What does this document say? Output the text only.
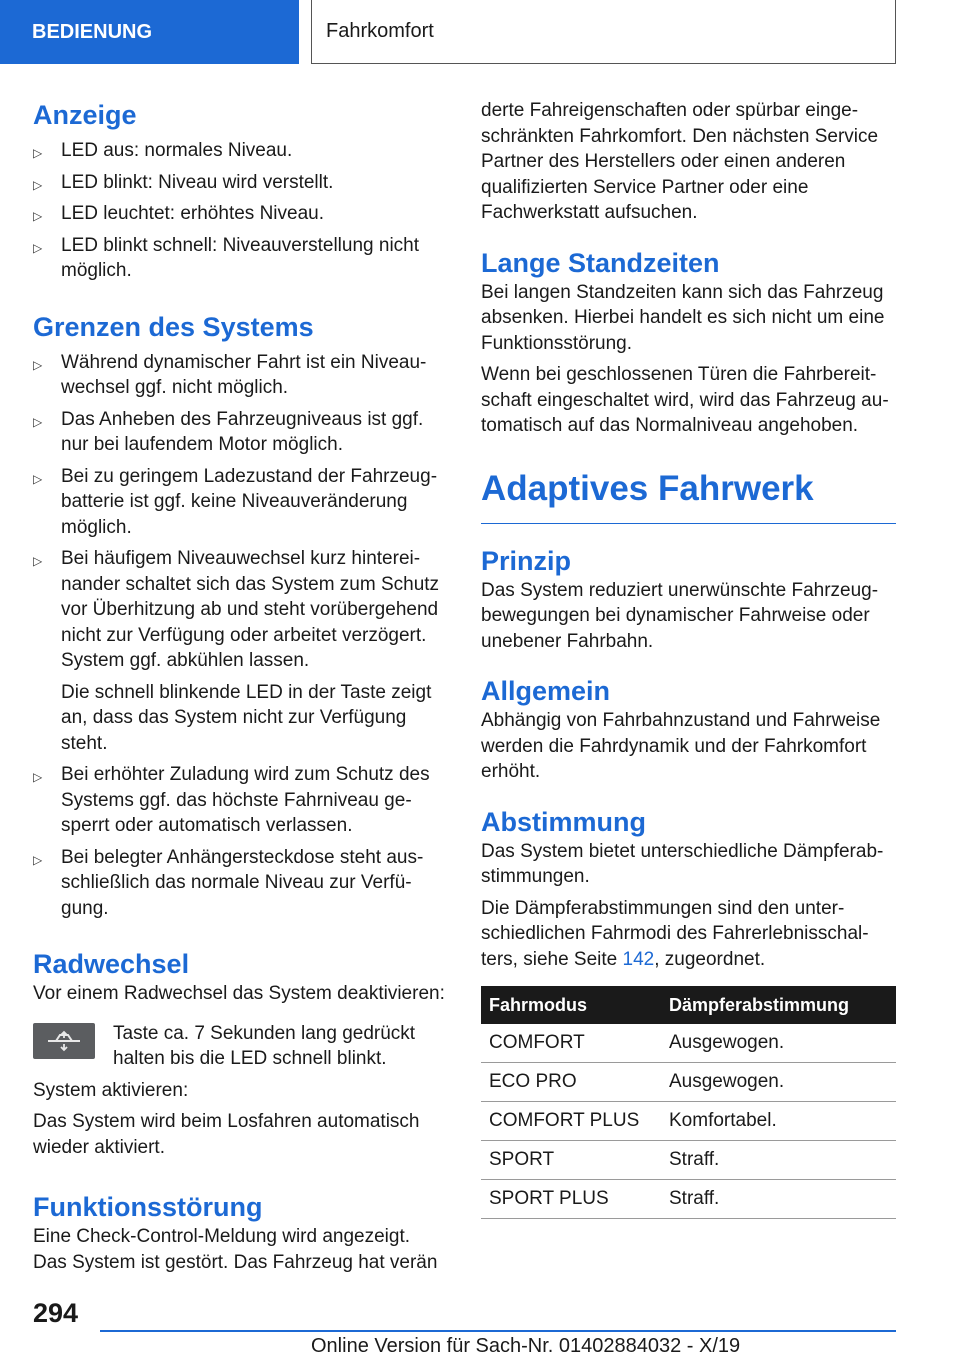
BEDIENUNG	Fahrkomfort
Anzeige
▷ LED aus: normales Niveau.
▷ LED blinkt: Niveau wird verstellt.
▷ LED leuchtet: erhöhtes Niveau.
▷ LED blinkt schnell: Niveauverstellung nicht möglich.
Grenzen des Systems
▷ Während dynamischer Fahrt ist ein Niveauwechsel ggf. nicht möglich.
▷ Das Anheben des Fahrzeugniveaus ist ggf. nur bei laufendem Motor möglich.
▷ Bei zu geringem Ladezustand der Fahrzeugbatterie ist ggf. keine Niveauveränderung möglich.
▷ Bei häufigem Niveauwechsel kurz hintereinander schaltet sich das System zum Schutz vor Überhitzung ab und steht vorübergehend nicht zur Verfügung oder arbeitet verzögert. System ggf. abkühlen lassen.

Die schnell blinkende LED in der Taste zeigt an, dass das System nicht zur Verfügung steht.

▷ Bei erhöhter Zuladung wird zum Schutz des Systems ggf. das höchste Fahrniveau gesperrt oder automatisch verlassen.
▷ Bei belegter Anhängersteckdose steht ausschließlich das normale Niveau zur Verfügung.
Radwechsel

Vor einem Radwechsel das System deaktivieren:

Taste ca. 7 Sekunden lang gedrückt halten bis die LED schnell blinkt.

System aktivieren:

Das System wird beim Losfahren automatisch wieder aktiviert.

Funktionsstörung

Eine Check-Control-Meldung wird angezeigt. Das System ist gestört. Das Fahrzeug hat verän

derte Fahreigenschaften oder spürbar eingeschränkten Fahrkomfort. Den nächsten Service Partner des Herstellers oder einen anderen qualifizierten Service Partner oder eine Fachwerkstatt aufsuchen.

Lange Standzeiten

Bei langen Standzeiten kann sich das Fahrzeug absenken. Hierbei handelt es sich nicht um eine Funktionsstörung.

Wenn bei geschlossenen Türen die Fahrbereitschaft eingeschaltet wird, wird das Fahrzeug automatisch auf das Normalniveau angehoben.

Adaptives Fahrwerk
Prinzip

Das System reduziert unerwünschte Fahrzeugbewegungen bei dynamischer Fahrweise oder unebener Fahrbahn.

Allgemein

Abhängig von Fahrbahnzustand und Fahrweise werden die Fahrdynamik und der Fahrkomfort erhöht.

Abstimmung

Das System bietet unterschiedliche Dämpferabstimmungen.

Die Dämpferabstimmungen sind den unterschiedlichen Fahrmodi des Fahrerlebnisschalters, siehe Seite 142, zugeordnet.

Fahrmodus	Dämpferabstimmung
COMFORT	Ausgewogen.
ECO PRO	Ausgewogen.
COMFORT PLUS	Komfortabel.
SPORT	Straff.
SPORT PLUS	Straff.
294
Online Version für Sach-Nr. 01402884032 - X/19
